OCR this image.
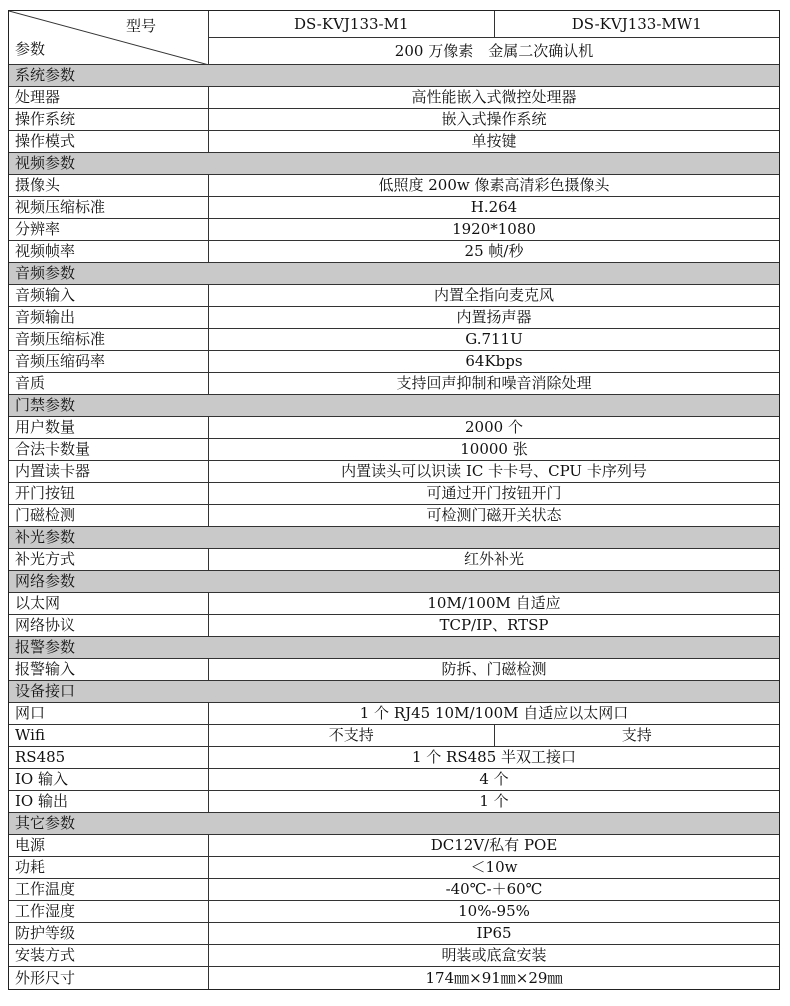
型号
参数
DS-KVJ133-M1	DS-KVJ133-MW1
200 万像素　金属二次确认机
系统参数
处理器	高性能嵌入式微控处理器
操作系统	嵌入式操作系统
操作模式	单按键
视频参数
摄像头	低照度 200w 像素高清彩色摄像头
视频压缩标准	H.264
分辨率	1920*1080
视频帧率	25 帧/秒
音频参数
音频输入	内置全指向麦克风
音频输出	内置扬声器
音频压缩标准	G.711U
音频压缩码率	64Kbps
音质	支持回声抑制和噪音消除处理
门禁参数
用户数量	2000 个
合法卡数量	10000 张
内置读卡器	内置读头可以识读 IC 卡卡号、CPU 卡序列号
开门按钮	可通过开门按钮开门
门磁检测	可检测门磁开关状态
补光参数
补光方式	红外补光
网络参数
以太网	10M/100M 自适应
网络协议	TCP/IP、RTSP
报警参数
报警输入	防拆、门磁检测
设备接口
网口	1 个 RJ45 10M/100M 自适应以太网口
Wifi	不支持	支持
RS485	1 个 RS485 半双工接口
IO 输入	4 个
IO 输出	1 个
其它参数
电源	DC12V/私有 POE
功耗	＜10w
工作温度	-40℃-＋60℃
工作湿度	10%-95%
防护等级	IP65
安装方式	明装或底盒安装
外形尺寸	174㎜×91㎜×29㎜
